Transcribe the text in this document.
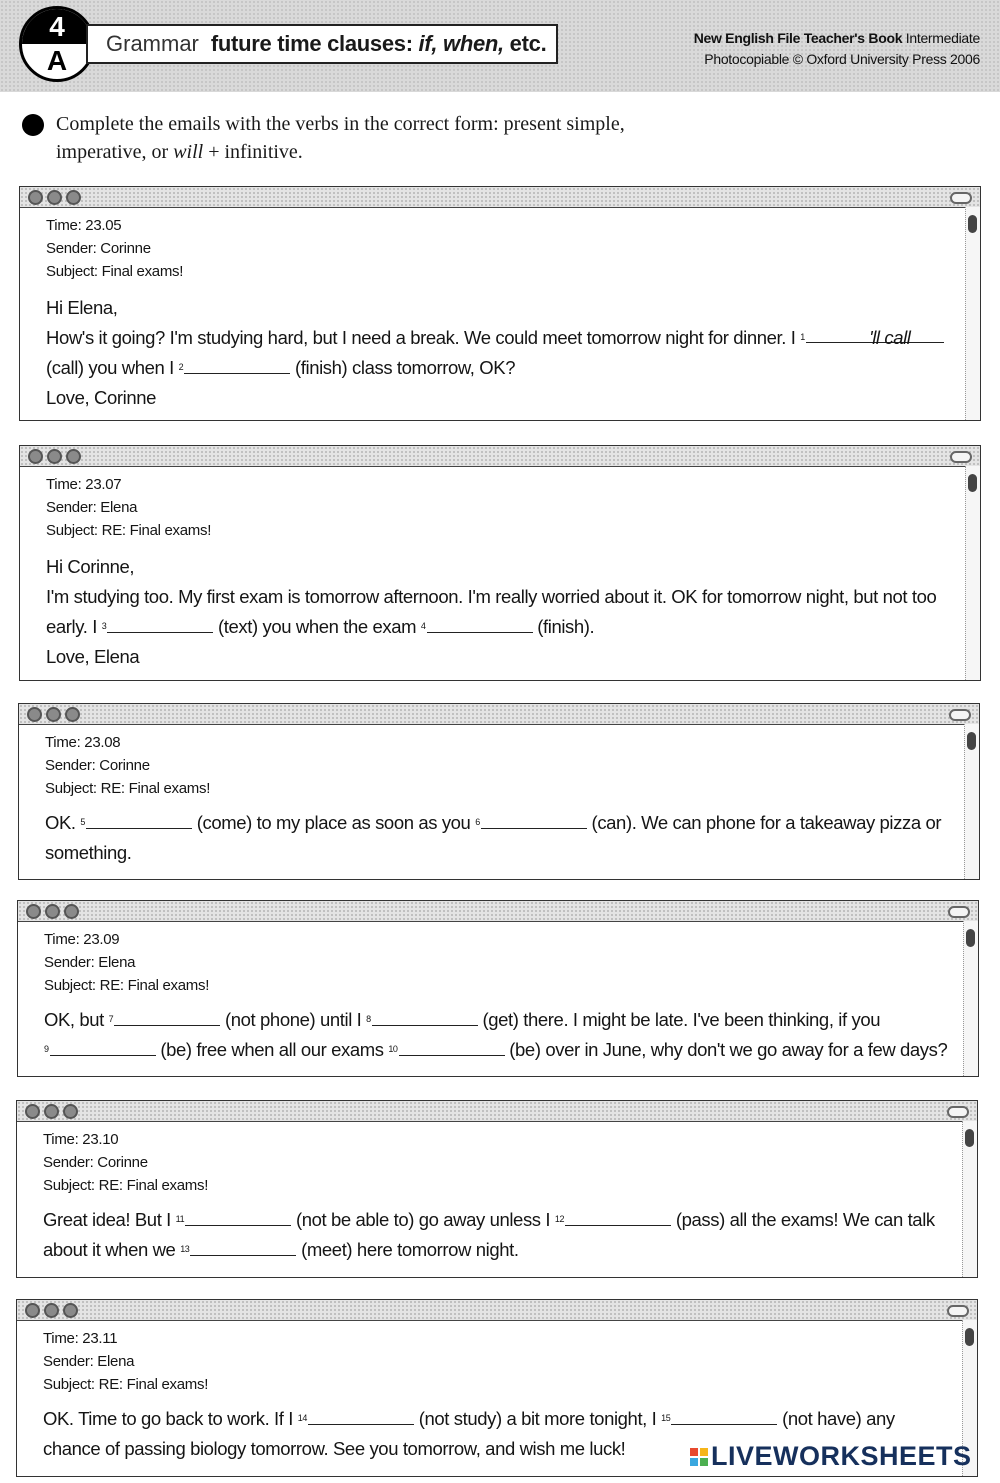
4
A
Grammar future time clauses: if, when, etc.	New English File Teacher's Book Intermediate
Photocopiable © Oxford University Press 2006
Complete the emails with the verbs in the correct form: present simple,
imperative, or will + infinitive.
Time: 23.05
Sender: Corinne
Subject: Final exams!
Hi Elena,
How's it going? I'm studying hard, but I need a break. We could meet tomorrow night for dinner. I $^1$	'll call
(call) you when I $^2$	(finish) class tomorrow, OK?
Love, Corinne
Time: 23.07
Sender: Elena
Subject: RE: Final exams!
Hi Corinne,
I'm studying too. My first exam is tomorrow afternoon. I'm really worried about it. OK for tomorrow night, but not too early. I $^3$	(text) you when the exam $^4$	(finish).
Love, Elena
Time: 23.08
Sender: Corinne
Subject: RE: Final exams!
OK. $^5$	(come) to my place as soon as you $^6$	(can). We can phone for a takeaway pizza or something.
Time: 23.09
Sender: Elena
Subject: RE: Final exams!
OK, but $^7$	(not phone) until I $^8$	(get) there. I might be late. I've been thinking, if you
$^9$	(be) free when all our exams $^{10}$	(be) over in June, why don't we go away for a few days?
Time: 23.10
Sender: Corinne
Subject: RE: Final exams!
Great idea! But I $^{11}$	(not be able to) go away unless I $^{12}$	(pass) all the exams! We can talk about it when we $^{13}$	(meet) here tomorrow night.
Time: 23.11
Sender: Elena
Subject: RE: Final exams!
OK. Time to go back to work. If I $^{14}$	(not study) a bit more tonight, I $^{15}$	(not have) any chance of passing biology tomorrow. See you tomorrow, and wish me luck!	LIVEWORKSHEETS
